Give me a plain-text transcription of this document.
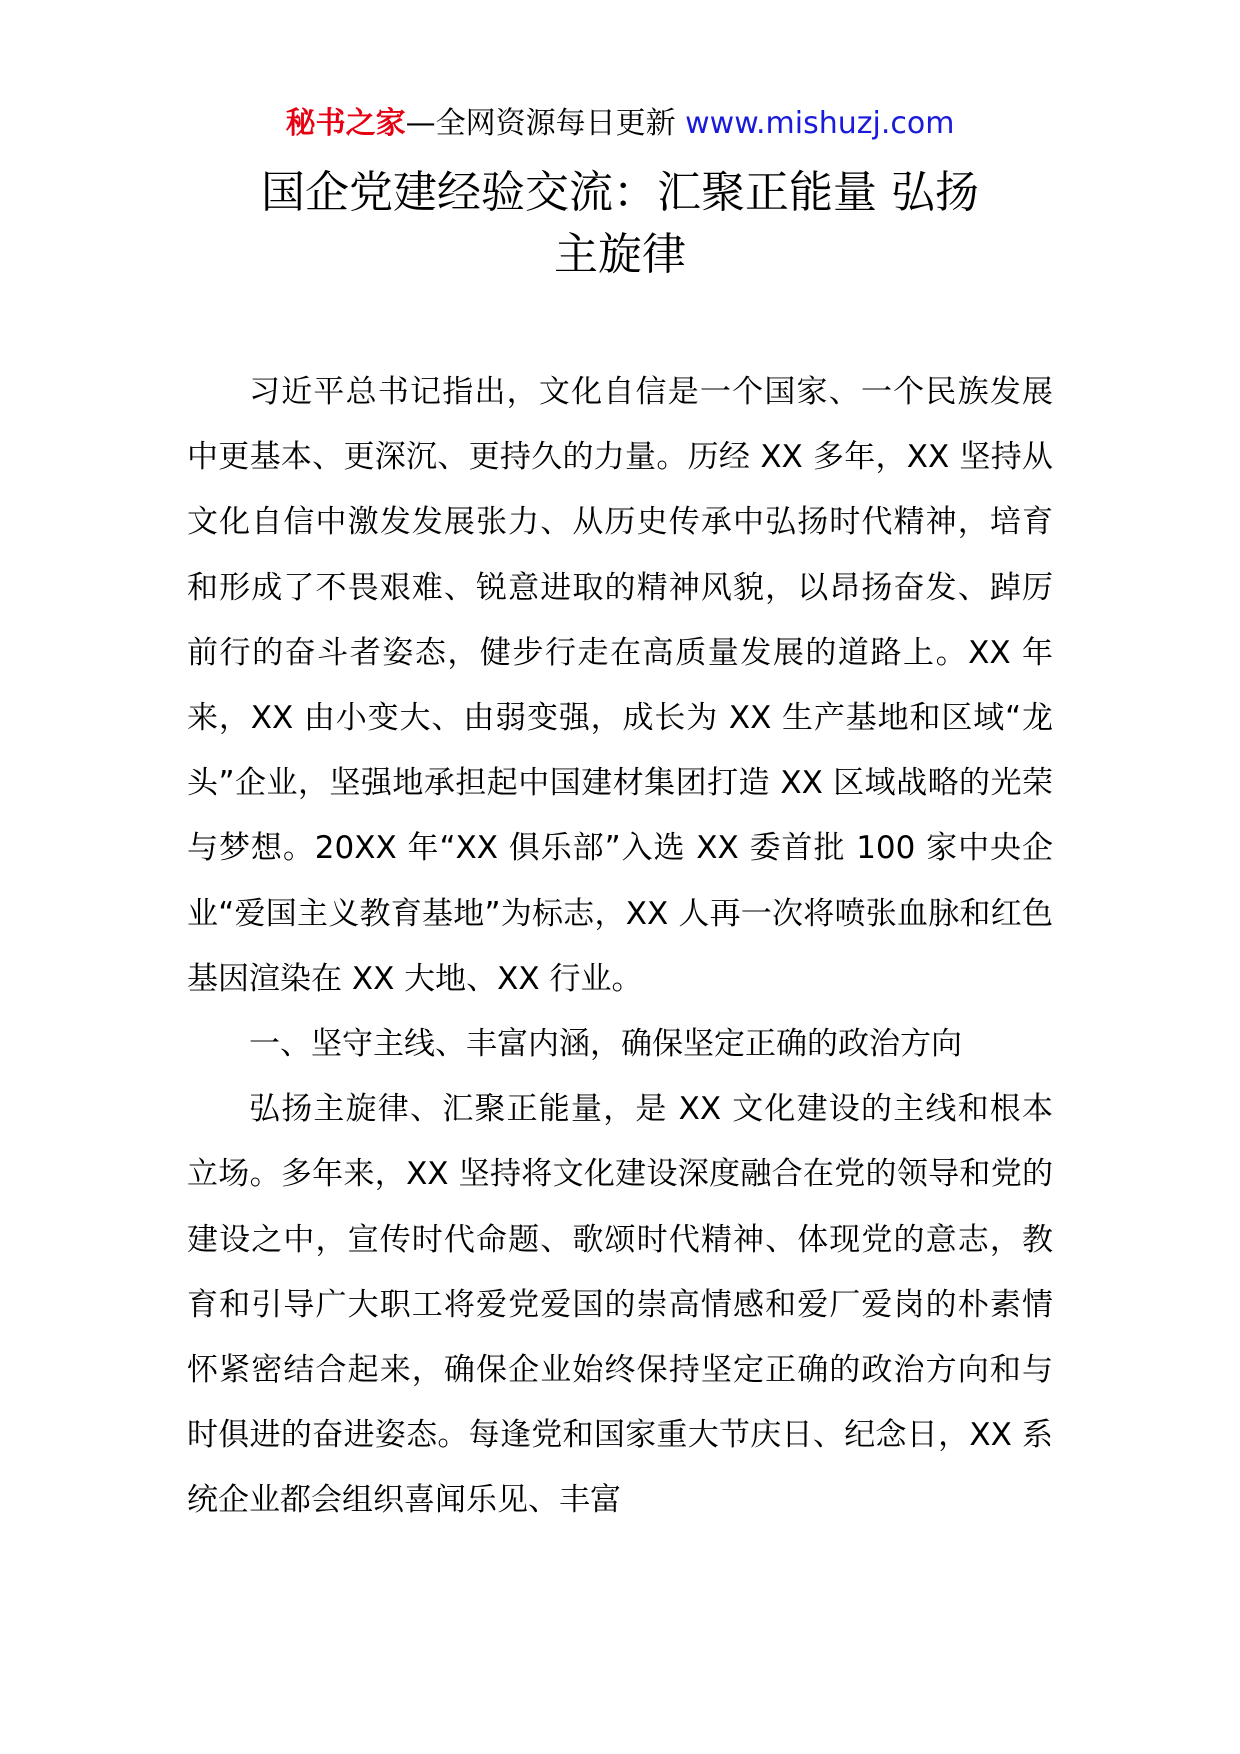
秘书之家—全网资源每日更新 www.mishuzj.com
国企党建经验交流：汇聚正能量 弘扬
主旋律

习近平总书记指出，文化自信是一个国家、一个民族发展中更基本、更深沉、更持久的力量。历经 XX 多年，XX 坚持从文化自信中激发发展张力、从历史传承中弘扬时代精神，培育和形成了不畏艰难、锐意进取的精神风貌，以昂扬奋发、踔厉前行的奋斗者姿态，健步行走在高质量发展的道路上。XX 年来，XX 由小变大、由弱变强，成长为 XX 生产基地和区域“龙头”企业，坚强地承担起中国建材集团打造 XX 区域战略的光荣与梦想。20XX 年“XX 俱乐部”入选 XX 委首批 100 家中央企业“爱国主义教育基地”为标志，XX 人再一次将喷张血脉和红色基因渲染在 XX 大地、XX 行业。

一、坚守主线、丰富内涵，确保坚定正确的政治方向

弘扬主旋律、汇聚正能量，是 XX 文化建设的主线和根本立场。多年来，XX 坚持将文化建设深度融合在党的领导和党的建设之中，宣传时代命题、歌颂时代精神、体现党的意志，教育和引导广大职工将爱党爱国的崇高情感和爱厂爱岗的朴素情怀紧密结合起来，确保企业始终保持坚定正确的政治方向和与时俱进的奋进姿态。每逢党和国家重大节庆日、纪念日，XX 系统企业都会组织喜闻乐见、丰富
